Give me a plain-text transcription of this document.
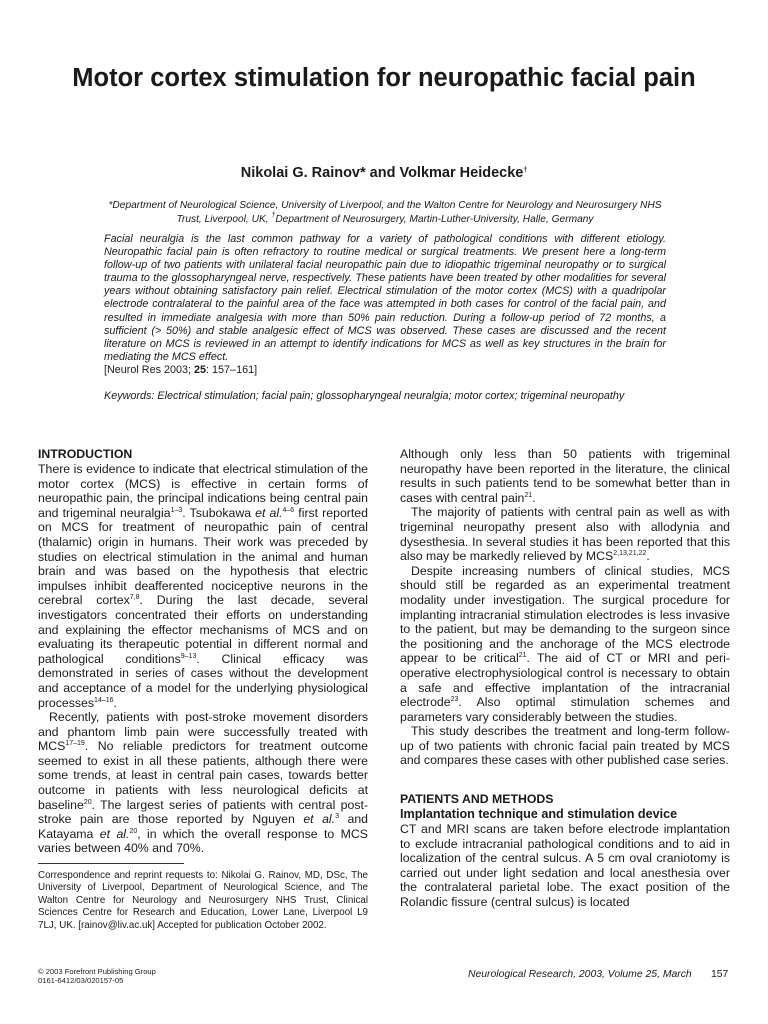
Motor cortex stimulation for neuropathic facial pain
Nikolai G. Rainov* and Volkmar Heidecke†
*Department of Neurological Science, University of Liverpool, and the Walton Centre for Neurology and Neurosurgery NHS Trust, Liverpool, UK, †Department of Neurosurgery, Martin-Luther-University, Halle, Germany
Facial neuralgia is the last common pathway for a variety of pathological conditions with different etiology. Neuropathic facial pain is often refractory to routine medical or surgical treatments. We present here a long-term follow-up of two patients with unilateral facial neuropathic pain due to idiopathic trigeminal neuropathy or to surgical trauma to the glossopharyngeal nerve, respectively. These patients have been treated by other modalities for several years without obtaining satisfactory pain relief. Electrical stimulation of the motor cortex (MCS) with a quadripolar electrode contralateral to the painful area of the face was attempted in both cases for control of the facial pain, and resulted in immediate analgesia with more than 50% pain reduction. During a follow-up period of 72 months, a sufficient (> 50%) and stable analgesic effect of MCS was observed. These cases are discussed and the recent literature on MCS is reviewed in an attempt to identify indications for MCS as well as key structures in the brain for mediating the MCS effect.
[Neurol Res 2003; 25: 157–161]
Keywords: Electrical stimulation; facial pain; glossopharyngeal neuralgia; motor cortex; trigeminal neuropathy
INTRODUCTION

There is evidence to indicate that electrical stimulation of the motor cortex (MCS) is effective in certain forms of neuropathic pain, the principal indications being central pain and trigeminal neuralgia$^{1-3}$. Tsubokawa et al.$^{4-6}$ first reported on MCS for treatment of neuropathic pain of central (thalamic) origin in humans. Their work was preceded by studies on electrical stimulation in the animal and human brain and was based on the hypothesis that electric impulses inhibit deafferented nociceptive neurons in the cerebral cortex$^{7,8}$. During the last decade, several investigators concentrated their efforts on understanding and explaining the effector mechanisms of MCS and on evaluating its therapeutic potential in different normal and pathological conditions$^{9-13}$. Clinical efficacy was demonstrated in series of cases without the development and acceptance of a model for the underlying physiological processes$^{14-16}$.

Recently, patients with post-stroke movement disorders and phantom limb pain were successfully treated with MCS$^{17-19}$. No reliable predictors for treatment outcome seemed to exist in all these patients, although there were some trends, at least in central pain cases, towards better outcome in patients with less neurological deficits at baseline$^{20}$. The largest series of patients with central post-stroke pain are those reported by Nguyen et al.$^3$ and Katayama et al.$^{20}$, in which the overall response to MCS varies between 40% and 70%.

Although only less than 50 patients with trigeminal neuropathy have been reported in the literature, the clinical results in such patients tend to be somewhat better than in cases with central pain$^{21}$.

The majority of patients with central pain as well as with trigeminal neuropathy present also with allodynia and dysesthesia. In several studies it has been reported that this also may be markedly relieved by MCS$^{2,13,21,22}$.

Despite increasing numbers of clinical studies, MCS should still be regarded as an experimental treatment modality under investigation. The surgical procedure for implanting intracranial stimulation electrodes is less invasive to the patient, but may be demanding to the surgeon since the positioning and the anchorage of the MCS electrode appear to be critical$^{21}$. The aid of CT or MRI and peri-operative electrophysiological control is necessary to obtain a safe and effective implantation of the intracranial electrode$^{23}$. Also optimal stimulation schemes and parameters vary considerably between the studies.

This study describes the treatment and long-term follow-up of two patients with chronic facial pain treated by MCS and compares these cases with other published case series.

PATIENTS AND METHODS
Implantation technique and stimulation device

CT and MRI scans are taken before electrode implantation to exclude intracranial pathological conditions and to aid in localization of the central sulcus. A 5 cm oval craniotomy is carried out under light sedation and local anesthesia over the contralateral parietal lobe. The exact position of the Rolandic fissure (central sulcus) is located

Correspondence and reprint requests to: Nikolai G. Rainov, MD, DSc, The University of Liverpool, Department of Neurological Science, and The Walton Centre for Neurology and Neurosurgery NHS Trust, Clinical Sciences Centre for Research and Education, Lower Lane, Liverpool L9 7LJ, UK. [rainov@liv.ac.uk] Accepted for publication October 2002.
© 2003 Forefront Publishing Group
0161-6412/03/020157-05
Neurological Research, 2003, Volume 25, March 157
